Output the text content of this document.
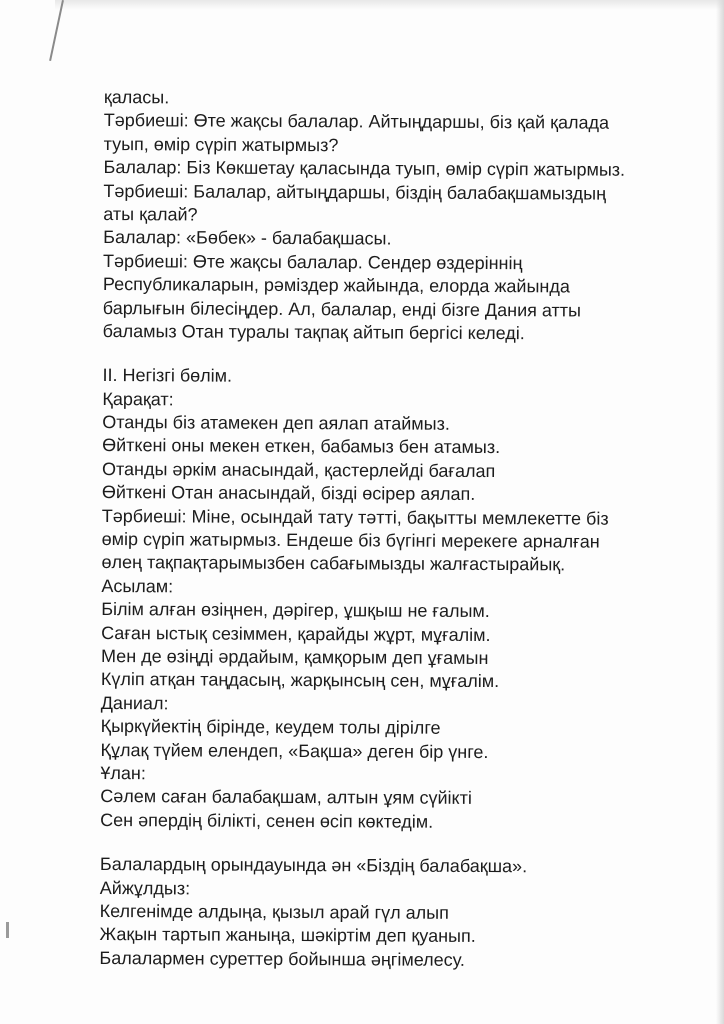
қаласы.
Тәрбиеші: Өте жақсы балалар. Айтыңдаршы, біз қай қалада
туып, өмір сүріп жатырмыз?
Балалар: Біз Көкшетау қаласында туып, өмір сүріп жатырмыз.
Тәрбиеші: Балалар, айтыңдаршы, біздің балабақшамыздың
аты қалай?
Балалар: «Бөбек» - балабақшасы.
Тәрбиеші: Өте жақсы балалар. Сендер өздеріннің
Республикаларын, рәміздер жайында, елорда жайында
барлығын білесіңдер. Ал, балалар, енді бізге Дания атты
баламыз Отан туралы тақпақ айтып бергісі келеді.
ІІ. Негізгі бөлім.
Қарақат:
Отанды біз атамекен деп аялап атаймыз.
Өйткені оны мекен еткен, бабамыз бен атамыз.
Отанды әркім анасындай, қастерлейді бағалап
Өйткені Отан анасындай, бізді өсірер аялап.
Тәрбиеші: Міне, осындай тату тәтті, бақытты мемлекетте біз
өмір сүріп жатырмыз. Ендеше біз бүгінгі мерекеге арналған
өлең тақпақтарымызбен сабағымызды жалғастырайық.
Асылам:
Білім алған өзіңнен, дәрігер, ұшқыш не ғалым.
Саған ыстық сезіммен, қарайды жұрт, мұғалім.
Мен де өзіңді әрдайым, қамқорым деп ұғамын
Күліп атқан таңдасың, жарқынсың сен, мұғалім.
Даниал:
Қыркүйектің бірінде, кеудем толы дірілге
Құлақ түйем елендеп, «Бақша» деген бір үнге.
Ұлан:
Сәлем саған балабақшам, алтын ұям сүйікті
Сен әпердің білікті, сенен өсіп көктедім.
Балалардың орындауында ән «Біздің балабақша».
Айжұлдыз:
Келгенімде алдыңа, қызыл арай гүл алып
Жақын тартып жаныңа, шәкіртім деп қуанып.
Балалармен суреттер бойынша әңгімелесу.
